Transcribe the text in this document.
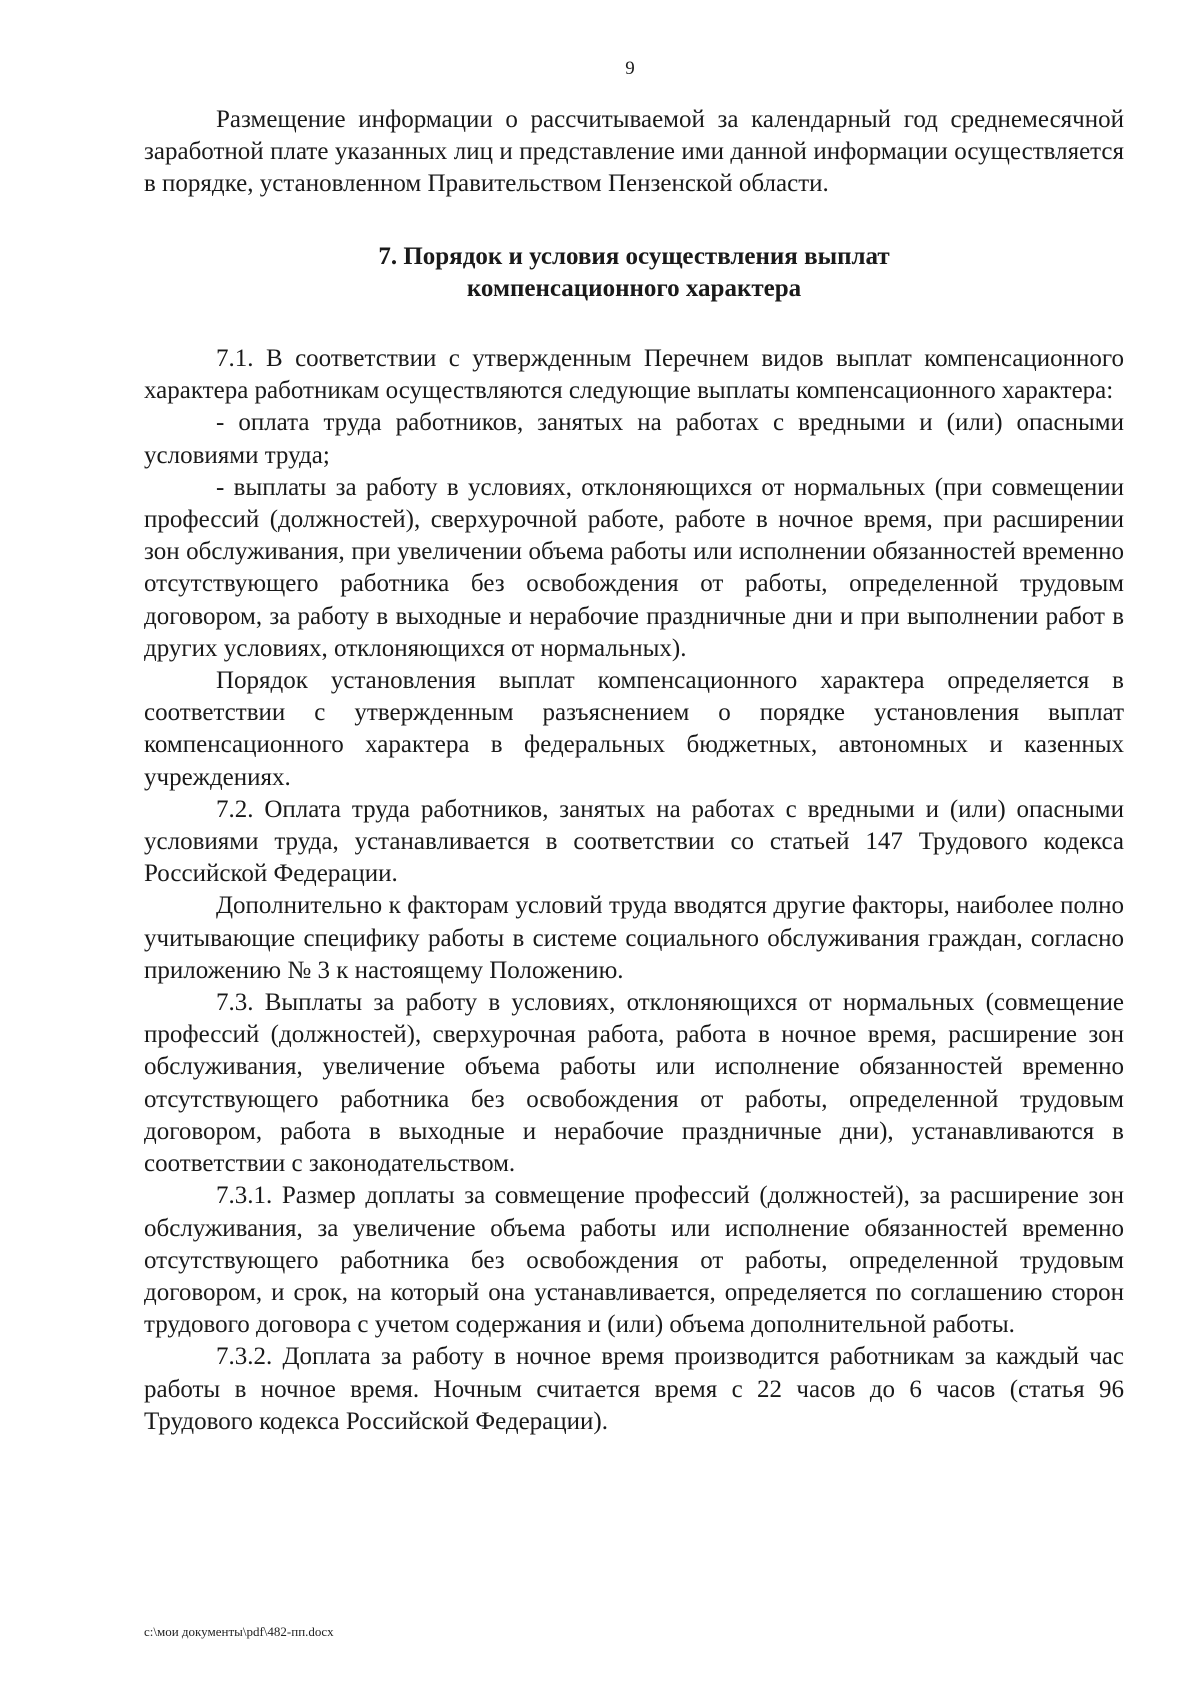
9

Размещение информации о рассчитываемой за календарный год среднемесячной заработной плате указанных лиц и представление ими данной информации осуществляется в порядке, установленном Правительством Пензенской области.

7. Порядок и условия осуществления выплат
компенсационного характера

7.1. В соответствии с утвержденным Перечнем видов выплат компенсационного характера работникам осуществляются следующие выплаты компенсационного характера:

- оплата труда работников, занятых на работах с вредными и (или) опасными условиями труда;

- выплаты за работу в условиях, отклоняющихся от нормальных (при совмещении профессий (должностей), сверхурочной работе, работе в ночное время, при расширении зон обслуживания, при увеличении объема работы или исполнении обязанностей временно отсутствующего работника без освобождения от работы, определенной трудовым договором, за работу в выходные и нерабочие праздничные дни и при выполнении работ в других условиях, отклоняющихся от нормальных).

Порядок установления выплат компенсационного характера определяется в соответствии с утвержденным разъяснением о порядке установления выплат компенсационного характера в федеральных бюджетных, автономных и казенных учреждениях.

7.2. Оплата труда работников, занятых на работах с вредными и (или) опасными условиями труда, устанавливается в соответствии со статьей 147 Трудового кодекса Российской Федерации.

Дополнительно к факторам условий труда вводятся другие факторы, наиболее полно учитывающие специфику работы в системе социального обслуживания граждан, согласно приложению № 3 к настоящему Положению.

7.3. Выплаты за работу в условиях, отклоняющихся от нормальных (совмещение профессий (должностей), сверхурочная работа, работа в ночное время, расширение зон обслуживания, увеличение объема работы или исполнение обязанностей временно отсутствующего работника без освобождения от работы, определенной трудовым договором, работа в выходные и нерабочие праздничные дни), устанавливаются в соответствии с законодательством.

7.3.1. Размер доплаты за совмещение профессий (должностей), за расширение зон обслуживания, за увеличение объема работы или исполнение обязанностей временно отсутствующего работника без освобождения от работы, определенной трудовым договором, и срок, на который она устанавливается, определяется по соглашению сторон трудового договора с учетом содержания и (или) объема дополнительной работы.

7.3.2. Доплата за работу в ночное время производится работникам за каждый час работы в ночное время. Ночным считается время с 22 часов до 6 часов (статья 96 Трудового кодекса Российской Федерации).

c:\мои документы\pdf\482-пп.docx
